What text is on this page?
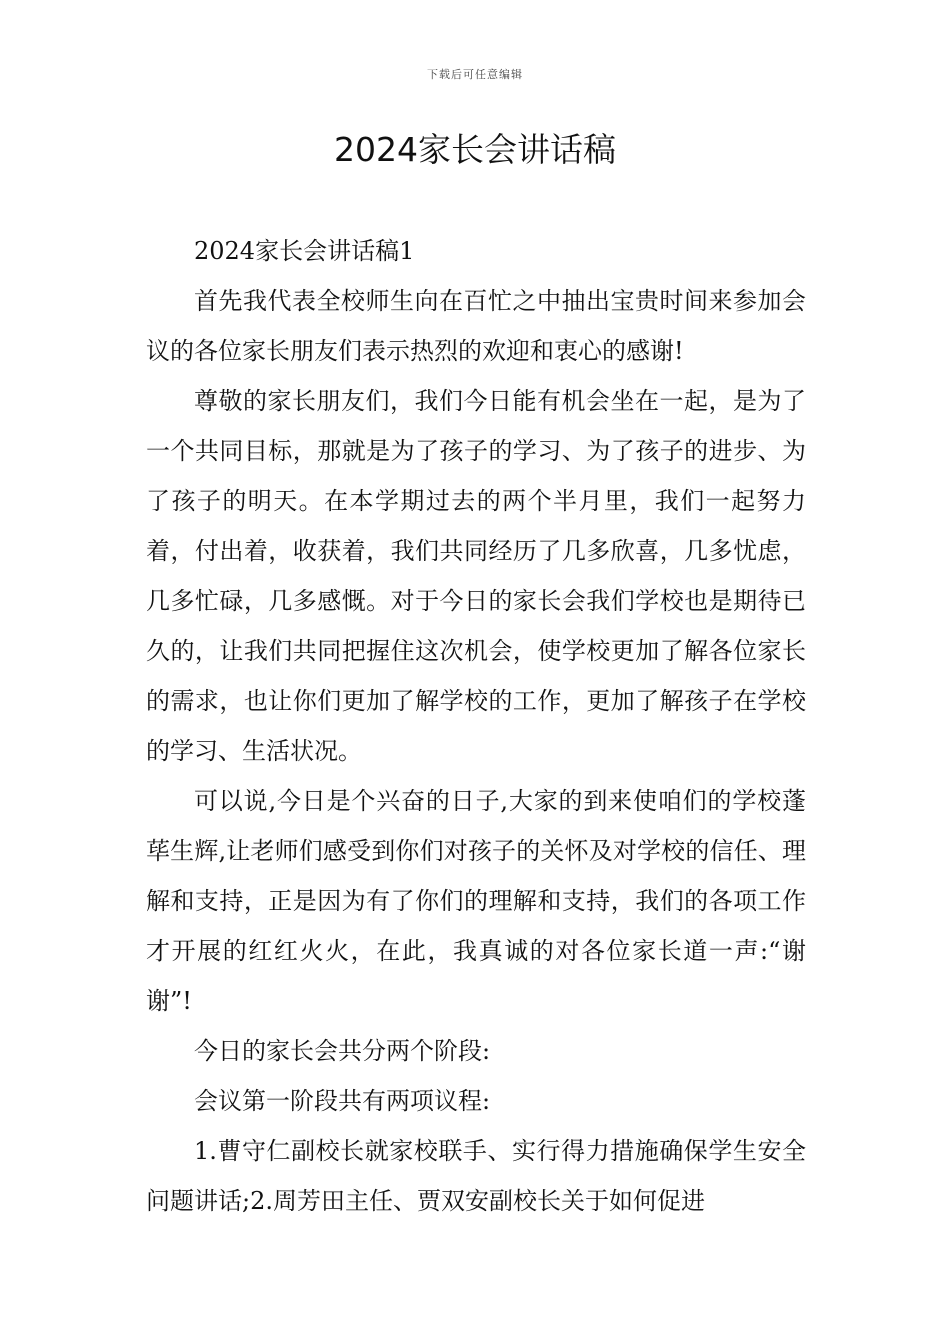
下载后可任意编辑
2024家长会讲话稿

2024家长会讲话稿1

首先我代表全校师生向在百忙之中抽出宝贵时间来参加会议的各位家长朋友们表示热烈的欢迎和衷心的感谢!

尊敬的家长朋友们，我们今日能有机会坐在一起，是为了一个共同目标，那就是为了孩子的学习、为了孩子的进步、为了孩子的明天。在本学期过去的两个半月里，我们一起努力着，付出着，收获着，我们共同经历了几多欣喜，几多忧虑，几多忙碌，几多感慨。对于今日的家长会我们学校也是期待已久的，让我们共同把握住这次机会，使学校更加了解各位家长的需求，也让你们更加了解学校的工作，更加了解孩子在学校的学习、生活状况。

可以说,今日是个兴奋的日子,大家的到来使咱们的学校蓬荜生辉,让老师们感受到你们对孩子的关怀及对学校的信任、理解和支持，正是因为有了你们的理解和支持，我们的各项工作才开展的红红火火，在此，我真诚的对各位家长道一声:“谢谢”!

今日的家长会共分两个阶段:

会议第一阶段共有两项议程:

1.曹守仁副校长就家校联手、实行得力措施确保学生安全问题讲话;2.周芳田主任、贾双安副校长关于如何促进
